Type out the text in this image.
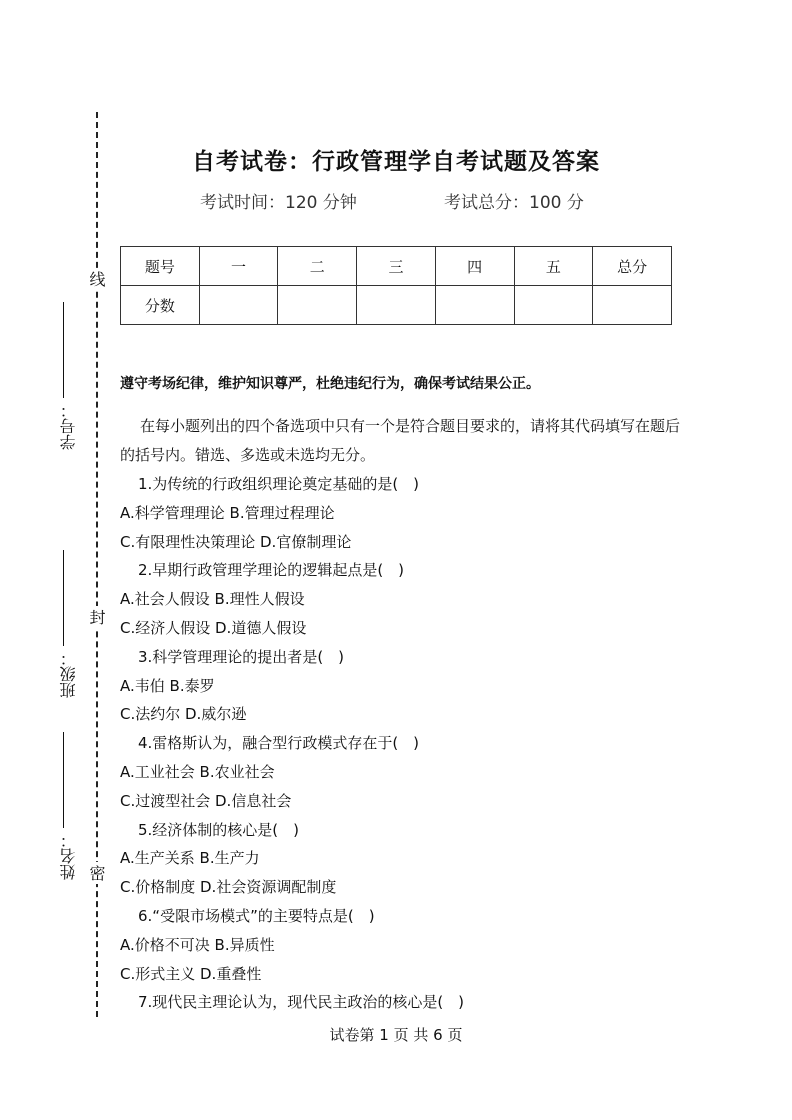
线
封
密
学号：
班级：
姓名：
自考试卷：行政管理学自考试题及答案
考试时间：120 分钟	考试总分：100 分
题号	一	二	三	四	五	总分
分数						
遵守考场纪律，维护知识尊严，杜绝违纪行为，确保考试结果公正。

在每小题列出的四个备选项中只有一个是符合题目要求的，请将其代码填写在题后的括号内。错选、多选或未选均无分。

1.为传统的行政组织理论奠定基础的是(　)
A.科学管理理论 B.管理过程理论
C.有限理性决策理论 D.官僚制理论
2.早期行政管理学理论的逻辑起点是(　)
A.社会人假设 B.理性人假设
C.经济人假设 D.道德人假设
3.科学管理理论的提出者是(　)
A.韦伯 B.泰罗
C.法约尔 D.威尔逊
4.雷格斯认为，融合型行政模式存在于(　)
A.工业社会 B.农业社会
C.过渡型社会 D.信息社会
5.经济体制的核心是(　)
A.生产关系 B.生产力
C.价格制度 D.社会资源调配制度
6.“受限市场模式”的主要特点是(　)
A.价格不可决 B.异质性
C.形式主义 D.重叠性
7.现代民主理论认为，现代民主政治的核心是(　)
试卷第 1 页 共 6 页
